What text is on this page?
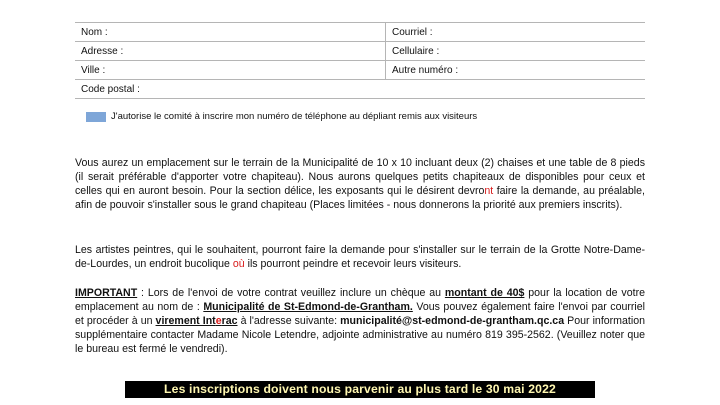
Nom :	Courriel :
Adresse :	Cellulaire :
Ville :	Autre numéro :
Code postal :	
J'autorise le comité à inscrire mon numéro de téléphone au dépliant remis aux visiteurs

Vous aurez un emplacement sur le terrain de la Municipalité de 10 x 10 incluant deux (2) chaises et une table de 8 pieds (il serait préférable d'apporter votre chapiteau). Nous aurons quelques petits chapiteaux de disponibles pour ceux et celles qui en auront besoin. Pour la section délice, les exposants qui le désirent devront faire la demande, au préalable, afin de pouvoir s'installer sous le grand chapiteau (Places limitées - nous donnerons la priorité aux premiers inscrits).

Les artistes peintres, qui le souhaitent, pourront faire la demande pour s'installer sur le terrain de la Grotte Notre-Dame-de-Lourdes, un endroit bucolique où ils pourront peindre et recevoir leurs visiteurs.

IMPORTANT : Lors de l'envoi de votre contrat veuillez inclure un chèque au montant de 40$ pour la location de votre emplacement au nom de : Municipalité de St-Edmond-de-Grantham. Vous pouvez également faire l'envoi par courriel et procéder à un virement Interac à l'adresse suivante: municipalité@st-edmond-de-grantham.qc.ca Pour information supplémentaire contacter Madame Nicole Letendre, adjointe administrative au numéro 819 395-2562. (Veuillez noter que le bureau est fermé le vendredi).

Les inscriptions doivent nous parvenir au plus tard le 30 mai 2022
